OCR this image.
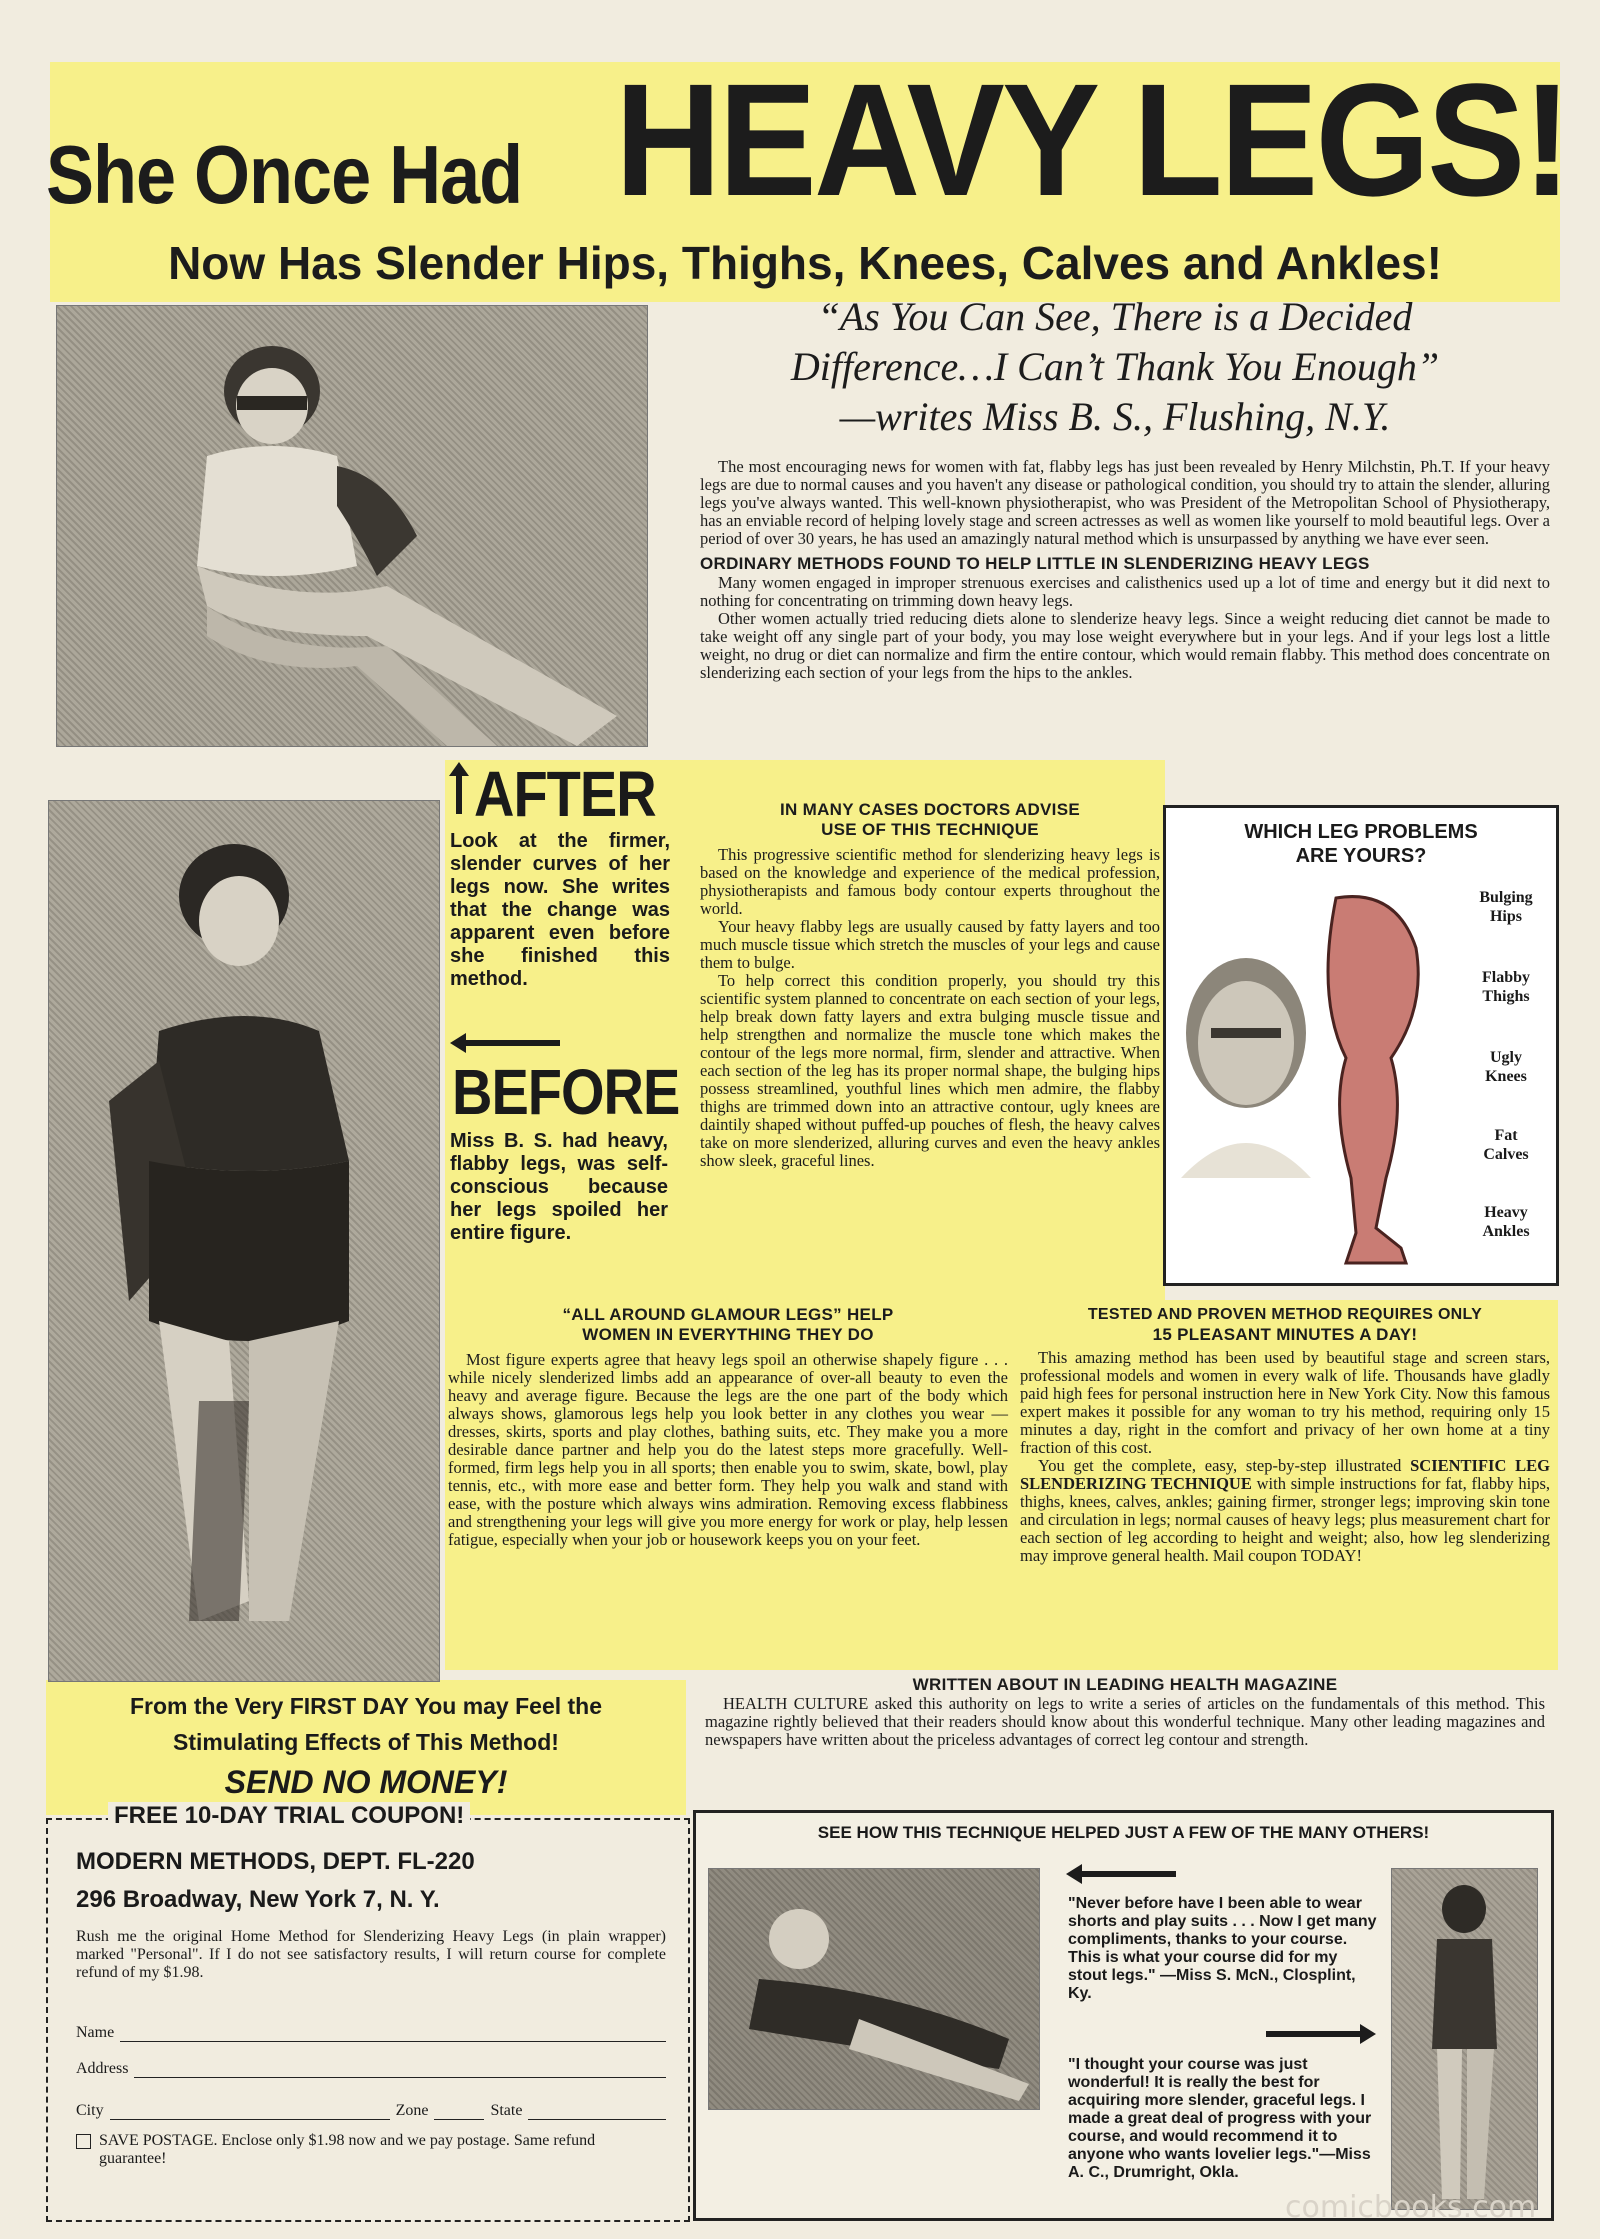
She Once Had HEAVY LEGS!
Now Has Slender Hips, Thighs, Knees, Calves and Ankles!
“As You Can See, There is a Decided
Difference…I Can’t Thank You Enough”
—writes Miss B. S., Flushing, N.Y.

The most encouraging news for women with fat, flabby legs has just been revealed by Henry Milchstin, Ph.T. If your heavy legs are due to normal causes and you haven't any disease or pathological condition, you should try to attain the slender, alluring legs you've always wanted. This well-known physiotherapist, who was President of the Metropolitan School of Physiotherapy, has an enviable record of helping lovely stage and screen actresses as well as women like yourself to mold beautiful legs. Over a period of over 30 years, he has used an amazingly natural method which is unsurpassed by anything we have ever seen.

ORDINARY METHODS FOUND TO HELP LITTLE IN SLENDERIZING HEAVY LEGS

Many women engaged in improper strenuous exercises and calisthenics used up a lot of time and energy but it did next to nothing for concentrating on trimming down heavy legs.

Other women actually tried reducing diets alone to slenderize heavy legs. Since a weight reducing diet cannot be made to take weight off any single part of your body, you may lose weight everywhere but in your legs. And if your legs lost a little weight, no drug or diet can normalize and firm the entire contour, which would remain flabby. This method does concentrate on slenderizing each section of your legs from the hips to the ankles.

AFTER
Look at the firmer, slender curves of her legs now. She writes that the change was apparent even before she finished this method.
BEFORE
Miss B. S. had heavy, flabby legs, was self-conscious because her legs spoiled her entire figure.
IN MANY CASES DOCTORS ADVISE
USE OF THIS TECHNIQUE

This progressive scientific method for slenderizing heavy legs is based on the knowledge and experience of the medical profession, physiotherapists and famous body contour experts throughout the world.

Your heavy flabby legs are usually caused by fatty layers and too much muscle tissue which stretch the muscles of your legs and cause them to bulge.

To help correct this condition properly, you should try this scientific system planned to concentrate on each section of your legs, help break down fatty layers and extra bulging muscle tissue and help strengthen and normalize the muscle tone which makes the contour of the legs more normal, firm, slender and attractive. When each section of the leg has its proper normal shape, the bulging hips possess streamlined, youthful lines which men admire, the flabby thighs are trimmed down into an attractive contour, ugly knees are daintily shaped without puffed-up pouches of flesh, the heavy calves take on more slenderized, alluring curves and even the heavy ankles show sleek, graceful lines.

WHICH LEG PROBLEMS
ARE YOURS?
Bulging
Hips
Flabby
Thighs
Ugly
Knees
Fat
Calves
Heavy
Ankles
“ALL AROUND GLAMOUR LEGS” HELP
WOMEN IN EVERYTHING THEY DO

Most figure experts agree that heavy legs spoil an otherwise shapely figure . . . while nicely slenderized limbs add an appearance of over-all beauty to even the heavy and average figure. Because the legs are the one part of the body which always shows, glamorous legs help you look better in any clothes you wear — dresses, skirts, sports and play clothes, bathing suits, etc. They make you a more desirable dance partner and help you do the latest steps more gracefully. Well-formed, firm legs help you in all sports; then enable you to swim, skate, bowl, play tennis, etc., with more ease and better form. They help you walk and stand with ease, with the posture which always wins admiration. Removing excess flabbiness and strengthening your legs will give you more energy for work or play, help lessen fatigue, especially when your job or housework keeps you on your feet.

TESTED AND PROVEN METHOD REQUIRES ONLY
15 PLEASANT MINUTES A DAY!

This amazing method has been used by beautiful stage and screen stars, professional models and women in every walk of life. Thousands have gladly paid high fees for personal instruction here in New York City. Now this famous expert makes it possible for any woman to try his method, requiring only 15 minutes a day, right in the comfort and privacy of her own home at a tiny fraction of this cost.

You get the complete, easy, step-by-step illustrated SCIENTIFIC LEG SLENDERIZING TECHNIQUE with simple instructions for fat, flabby hips, thighs, knees, calves, ankles; gaining firmer, stronger legs; improving skin tone and circulation in legs; normal causes of heavy legs; plus measurement chart for each section of leg according to height and weight; also, how leg slenderizing may improve general health. Mail coupon TODAY!

WRITTEN ABOUT IN LEADING HEALTH MAGAZINE

HEALTH CULTURE asked this authority on legs to write a series of articles on the fundamentals of this method. This magazine rightly believed that their readers should know about this wonderful technique. Many other leading magazines and newspapers have written about the priceless advantages of correct leg contour and strength.

From the Very FIRST DAY You may Feel the
Stimulating Effects of This Method!
SEND NO MONEY!
FREE 10-DAY TRIAL COUPON!
MODERN METHODS, DEPT. FL-220
296 Broadway, New York 7, N. Y.
Rush me the original Home Method for Slenderizing Heavy Legs (in plain wrapper) marked "Personal". If I do not see satisfactory results, I will return course for complete refund of my $1.98.
Name
Address
City	Zone	State
SAVE POSTAGE. Enclose only $1.98 now and we pay postage. Same refund guarantee!
SEE HOW THIS TECHNIQUE HELPED JUST A FEW OF THE MANY OTHERS!
"Never before have I been able to wear shorts and play suits . . . Now I get many compliments, thanks to your course. This is what your course did for my stout legs." —Miss S. McN., Closplint, Ky.
"I thought your course was just wonderful! It is really the best for acquiring more slender, graceful legs. I made a great deal of progress with your course, and would recommend it to anyone who wants lovelier legs."—Miss A. C., Drumright, Okla.
comicbooks.com
